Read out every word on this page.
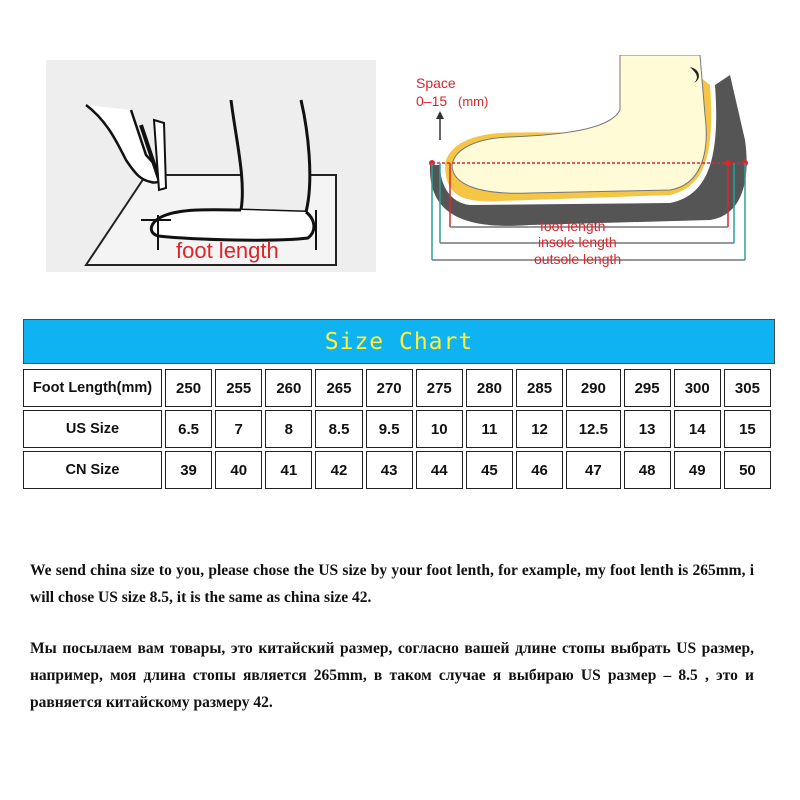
foot length
Space
0–15 (mm)
foot length
insole length
outsole length
Size Chart
Foot Length(mm)	250	255	260	265	270	275	280	285	290	295	300	305
US Size	6.5	7	8	8.5	9.5	10	11	12	12.5	13	14	15
CN Size	39	40	41	42	43	44	45	46	47	48	49	50
We send china size to you, please chose the US size by your foot lenth, for example, my foot lenth is 265mm, i will chose US size 8.5, it is the same as china size 42.
Мы посылаем вам товары, это китайский размер, согласно вашей длине стопы выбрать US размер, например, моя длина стопы является 265mm, в таком случае я выбираю US размер – 8.5 , это и равняется китайскому размеру 42.
